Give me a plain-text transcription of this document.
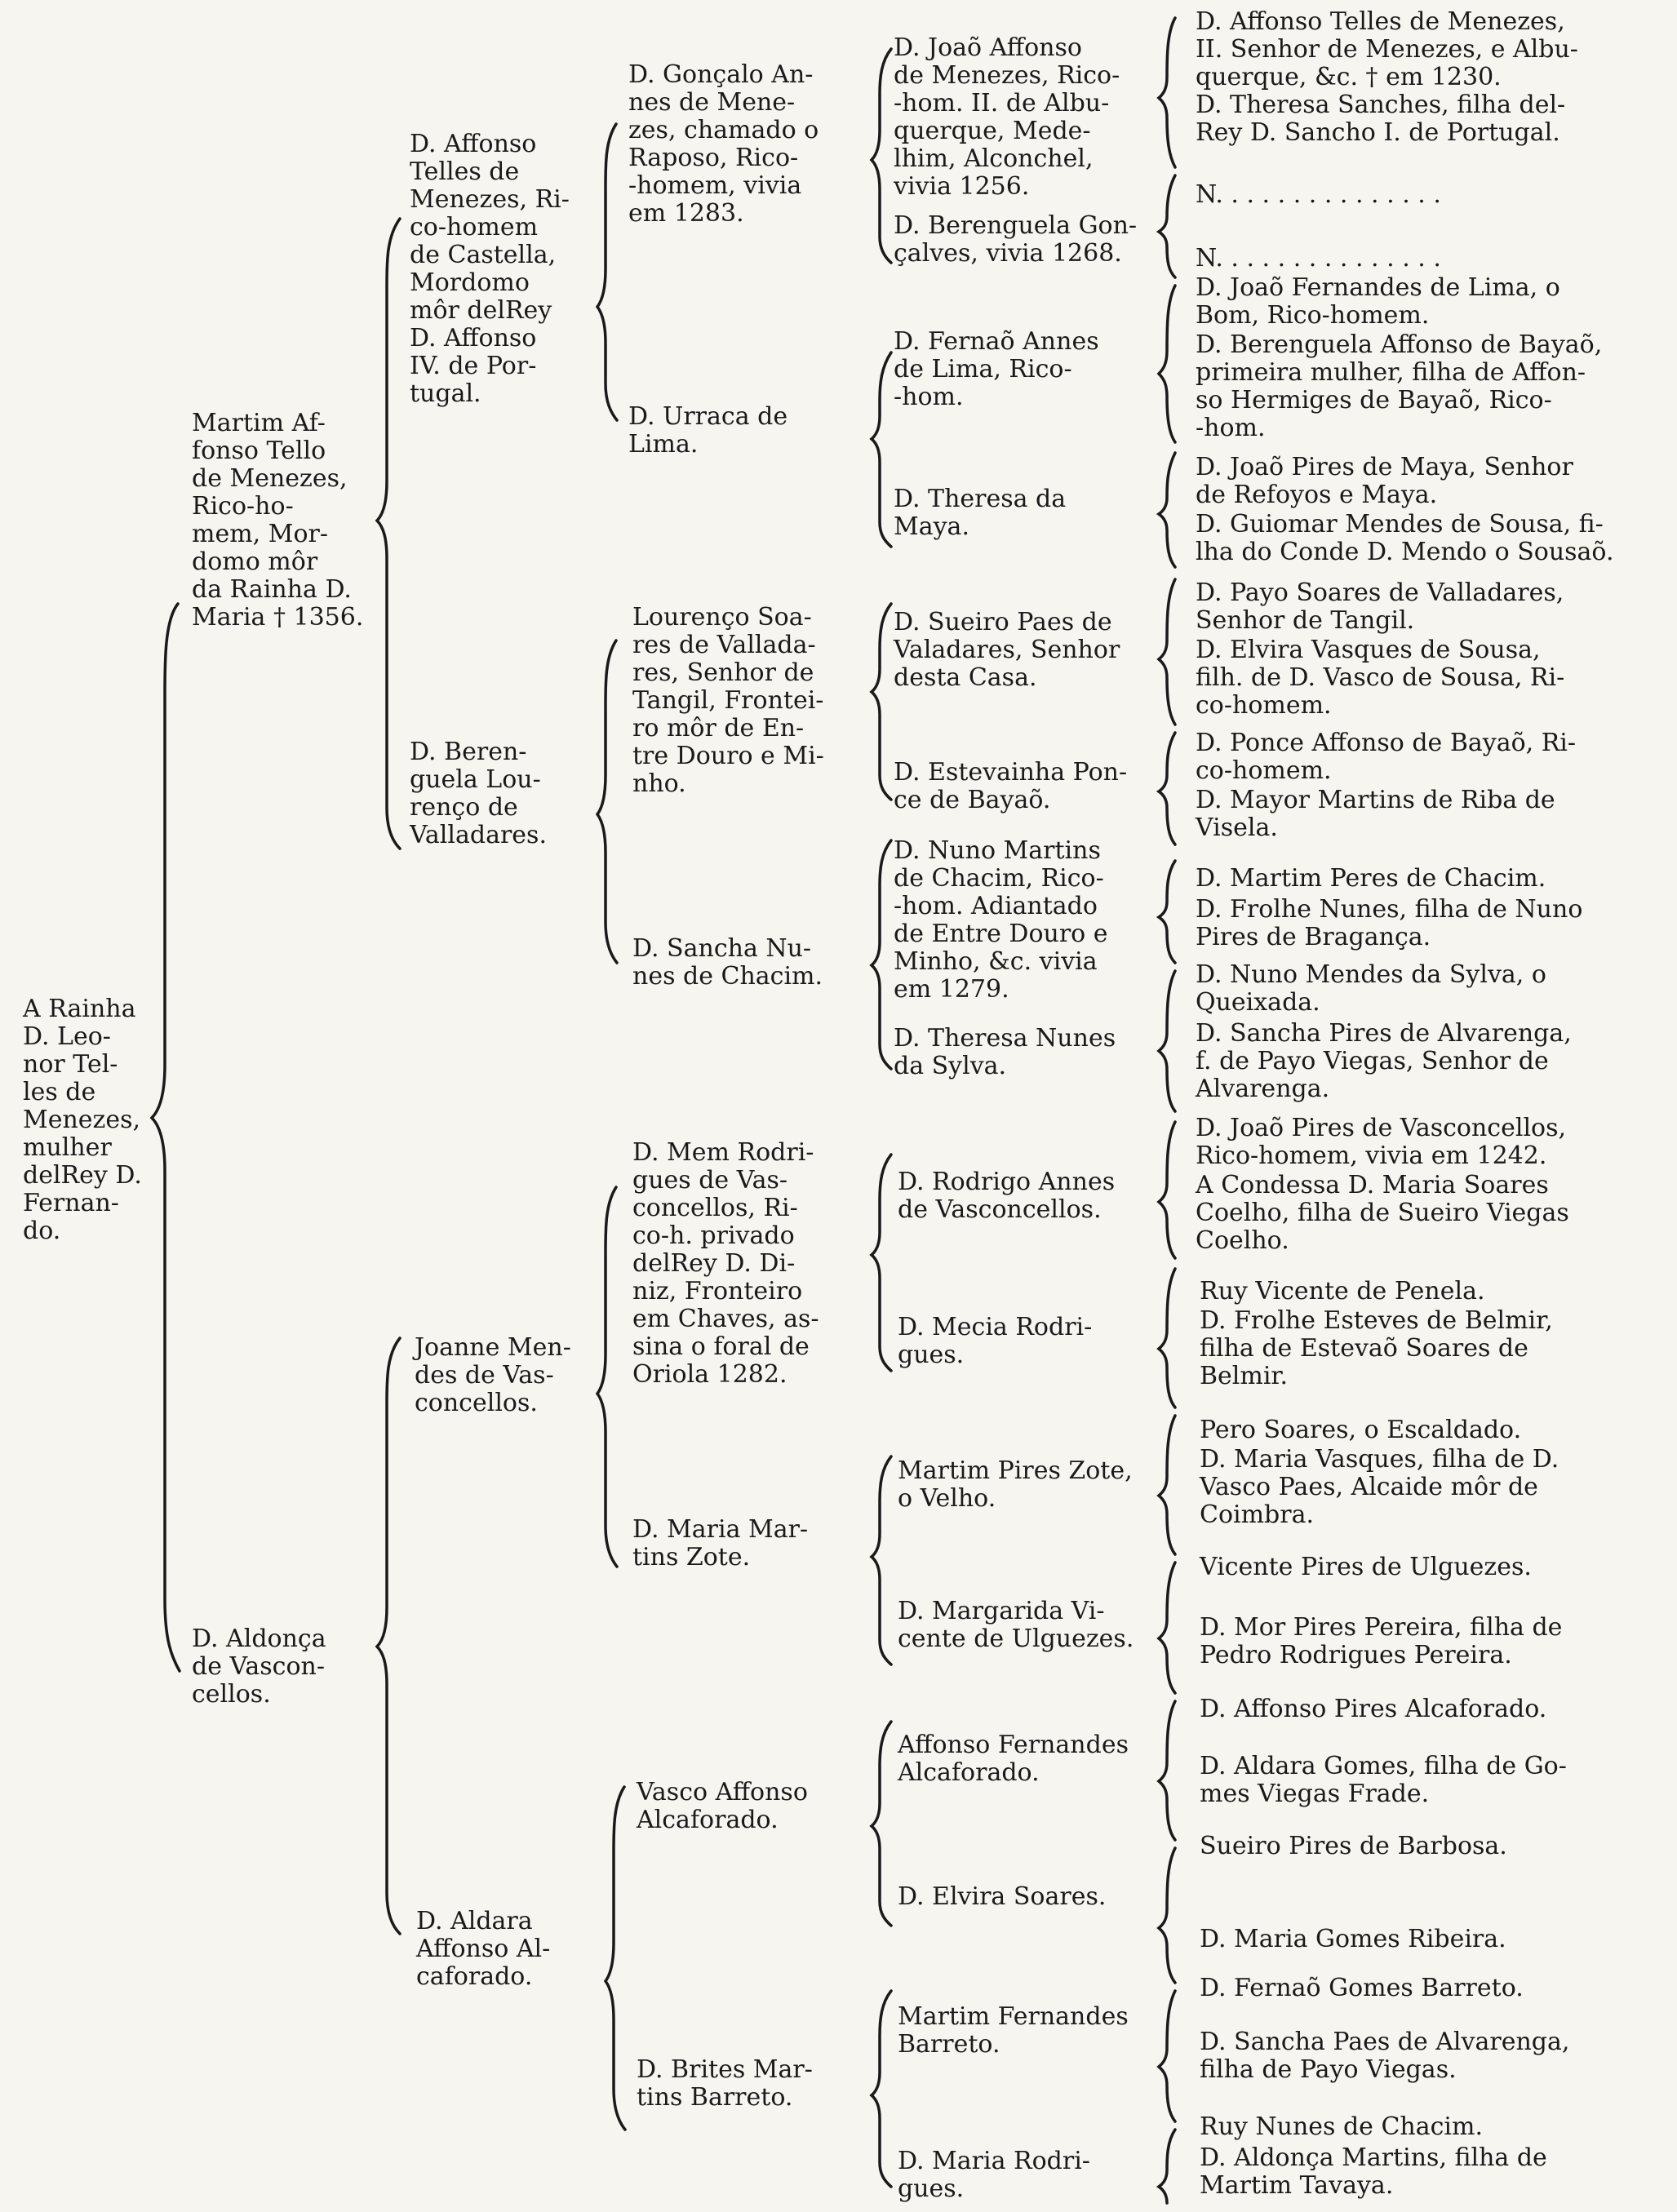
A Rainha
D. Leo-
nor Tel-
les de
Menezes,
mulher
delRey D.
Fernan-
do.
Martim Af-
fonso Tello
de Menezes,
Rico-ho-
mem, Mor-
domo môr
da Rainha D.
Maria † 1356.
D. Aldonça
de Vascon-
cellos.
D. Affonso
Telles de
Menezes, Ri-
co-homem
de Castella,
Mordomo
môr delRey
D. Affonso
IV. de Por-
tugal.
D. Beren-
guela Lou-
renço de
Valladares.
Joanne Men-
des de Vas-
concellos.
D. Aldara
Affonso Al-
caforado.
D. Gonçalo An-
nes de Mene-
zes, chamado o
Raposo, Rico-
-homem, vivia
em 1283.
D. Urraca de
Lima.
Lourenço Soa-
res de Vallada-
res, Senhor de
Tangil, Frontei-
ro môr de En-
tre Douro e Mi-
nho.
D. Sancha Nu-
nes de Chacim.
D. Mem Rodri-
gues de Vas-
concellos, Ri-
co-h. privado
delRey D. Di-
niz, Fronteiro
em Chaves, as-
sina o foral de
Oriola 1282.
D. Maria Mar-
tins Zote.
Vasco Affonso
Alcaforado.
D. Brites Mar-
tins Barreto.
D. Joaõ Affonso
de Menezes, Rico-
-hom. II. de Albu-
querque, Mede-
lhim, Alconchel,
vivia 1256.
D. Berenguela Gon-
çalves, vivia 1268.
D. Fernaõ Annes
de Lima, Rico-
-hom.
D. Theresa da
Maya.
D. Sueiro Paes de
Valadares, Senhor
desta Casa.
D. Estevainha Pon-
ce de Bayaõ.
D. Nuno Martins
de Chacim, Rico-
-hom. Adiantado
de Entre Douro e
Minho, &c. vivia
em 1279.
D. Theresa Nunes
da Sylva.
D. Rodrigo Annes
de Vasconcellos.
D. Mecia Rodri-
gues.
Martim Pires Zote,
o Velho.
D. Margarida Vi-
cente de Ulguezes.
Affonso Fernandes
Alcaforado.
D. Elvira Soares.
Martim Fernandes
Barreto.
D. Maria Rodri-
gues.
D. Affonso Telles de Menezes,
II. Senhor de Menezes, e Albu-
querque, &c. † em 1230.
D. Theresa Sanches, filha del-
Rey D. Sancho I. de Portugal.
N. . . . . . . . . . . . . . .
N. . . . . . . . . . . . . . .
D. Joaõ Fernandes de Lima, o
Bom, Rico-homem.
D. Berenguela Affonso de Bayaõ,
primeira mulher, filha de Affon-
so Hermiges de Bayaõ, Rico-
-hom.
D. Joaõ Pires de Maya, Senhor
de Refoyos e Maya.
D. Guiomar Mendes de Sousa, fi-
lha do Conde D. Mendo o Sousaõ.
D. Payo Soares de Valladares,
Senhor de Tangil.
D. Elvira Vasques de Sousa,
filh. de D. Vasco de Sousa, Ri-
co-homem.
D. Ponce Affonso de Bayaõ, Ri-
co-homem.
D. Mayor Martins de Riba de
Visela.
D. Martim Peres de Chacim.
D. Frolhe Nunes, filha de Nuno
Pires de Bragança.
D. Nuno Mendes da Sylva, o
Queixada.
D. Sancha Pires de Alvarenga,
f. de Payo Viegas, Senhor de
Alvarenga.
D. Joaõ Pires de Vasconcellos,
Rico-homem, vivia em 1242.
A Condessa D. Maria Soares
Coelho, filha de Sueiro Viegas
Coelho.
Ruy Vicente de Penela.
D. Frolhe Esteves de Belmir,
filha de Estevaõ Soares de
Belmir.
Pero Soares, o Escaldado.
D. Maria Vasques, filha de D.
Vasco Paes, Alcaide môr de
Coimbra.
Vicente Pires de Ulguezes.
D. Mor Pires Pereira, filha de
Pedro Rodrigues Pereira.
D. Affonso Pires Alcaforado.
D. Aldara Gomes, filha de Go-
mes Viegas Frade.
Sueiro Pires de Barbosa.
D. Maria Gomes Ribeira.
D. Fernaõ Gomes Barreto.
D. Sancha Paes de Alvarenga,
filha de Payo Viegas.
Ruy Nunes de Chacim.
D. Aldonça Martins, filha de
Martim Tavaya.
